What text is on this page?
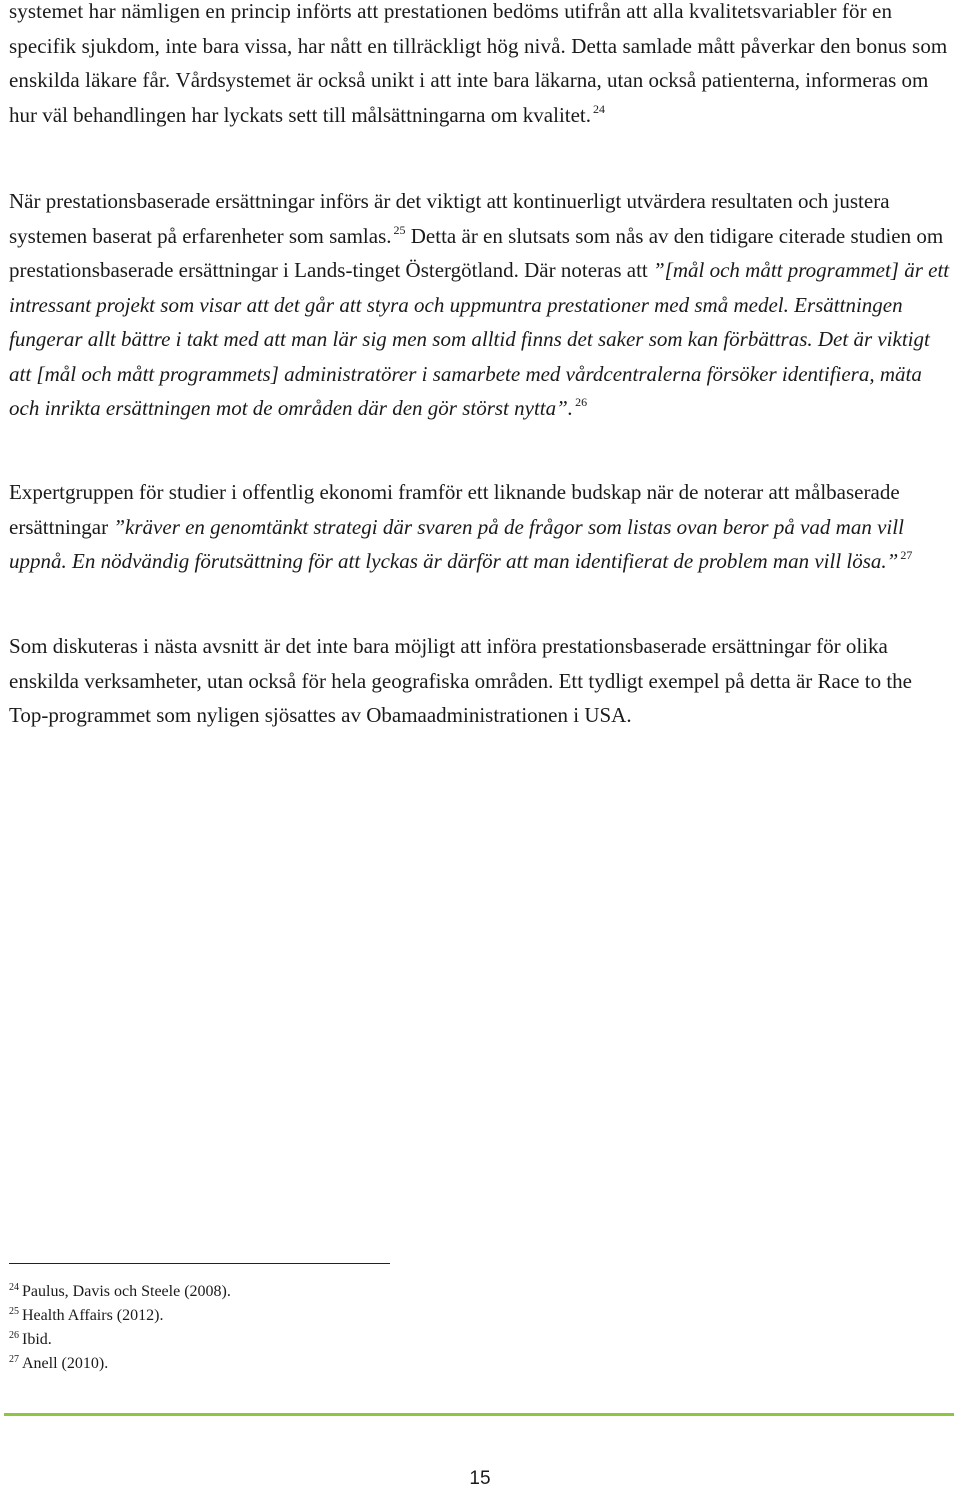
systemet har nämligen en princip införts att prestationen bedöms utifrån att alla kvalitetsvariabler för en specifik sjukdom, inte bara vissa, har nått en tillräckligt hög nivå. Detta samlade mått påverkar den bonus som enskilda läkare får. Vårdsystemet är också unikt i att inte bara läkarna, utan också patienterna, informeras om hur väl behandlingen har lyckats sett till målsättningarna om kvalitet. $^{24}$

När prestationsbaserade ersättningar införs är det viktigt att kontinuerligt utvärdera resultaten och justera systemen baserat på erfarenheter som samlas. $^{25}$ Detta är en slutsats som nås av den tidigare citerade studien om prestationsbaserade ersättningar i Lands-tinget Östergötland. Där noteras att ”[mål och mått programmet] är ett intressant projekt som visar att det går att styra och uppmuntra prestationer med små medel. Ersättningen fungerar allt bättre i takt med att man lär sig men som alltid finns det saker som kan förbättras. Det är viktigt att [mål och mått programmets] administratörer i samarbete med vårdcentralerna försöker identifiera, mäta och inrikta ersättningen mot de områden där den gör störst nytta”. $^{26}$

Expertgruppen för studier i offentlig ekonomi framför ett liknande budskap när de noterar att målbaserade ersättningar ”kräver en genomtänkt strategi där svaren på de frågor som listas ovan beror på vad man vill uppnå. En nödvändig förutsättning för att lyckas är därför att man identifierat de problem man vill lösa.” $^{27}$

Som diskuteras i nästa avsnitt är det inte bara möjligt att införa prestationsbaserade ersättningar för olika enskilda verksamheter, utan också för hela geografiska områden. Ett tydligt exempel på detta är Race to the Top-programmet som nyligen sjösattes av Obamaadministrationen i USA.

$^{24}$ Paulus, Davis och Steele (2008).
$^{25}$ Health Affairs (2012).
$^{26}$ Ibid.
$^{27}$ Anell (2010).
15
